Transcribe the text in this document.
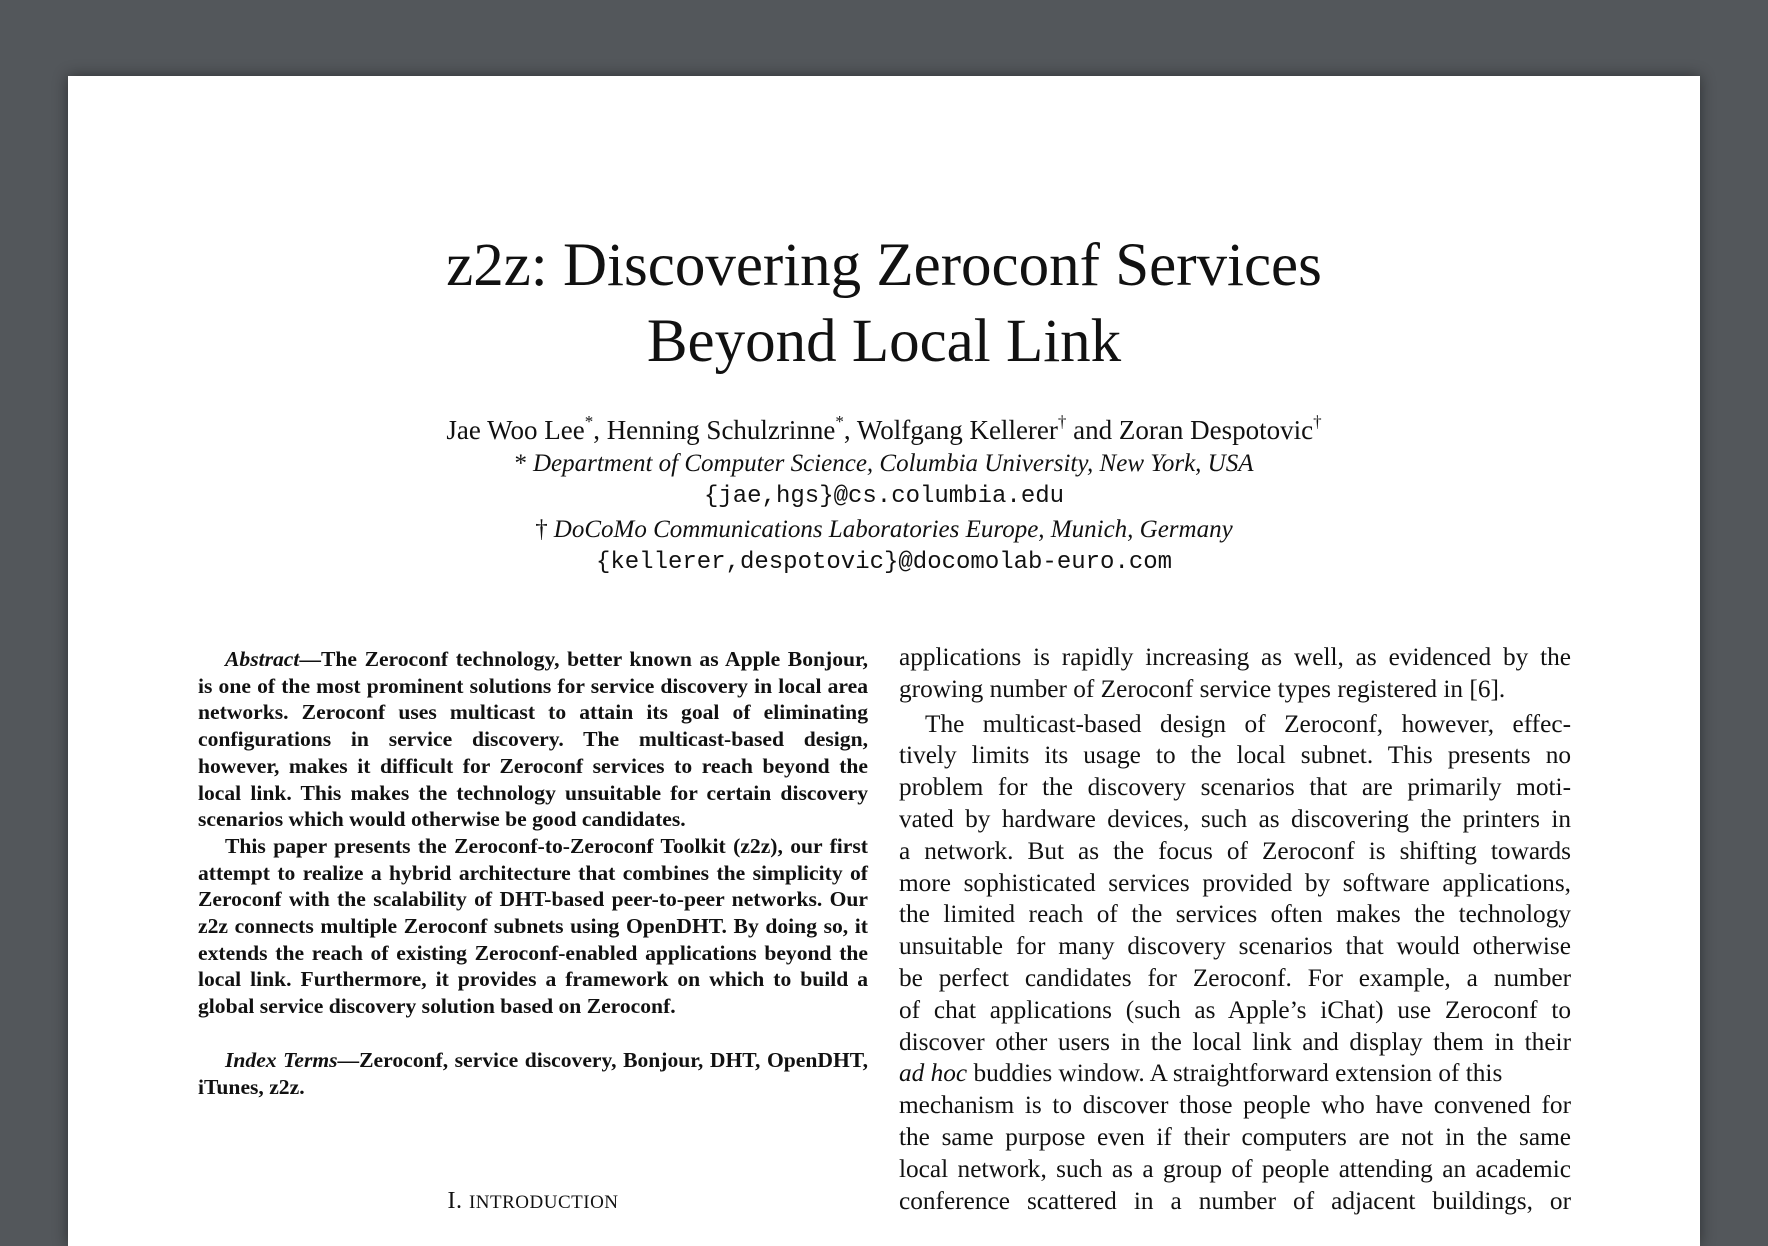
z2z: Discovering Zeroconf Services
Beyond Local Link
Jae Woo Lee*, Henning Schulzrinne*, Wolfgang Kellerer† and Zoran Despotovic†
* Department of Computer Science, Columbia University, New York, USA
{jae,hgs}@cs.columbia.edu
† DoCoMo Communications Laboratories Europe, Munich, Germany
{kellerer,despotovic}@docomolab-euro.com

Abstract—The Zeroconf technology, better known as Apple Bonjour, is one of the most prominent solutions for service discovery in local area networks. Zeroconf uses multicast to attain its goal of eliminating configurations in service discovery. The multicast-based design, however, makes it difficult for Zeroconf services to reach beyond the local link. This makes the technology unsuitable for certain discovery scenarios which would otherwise be good candidates.

This paper presents the Zeroconf-to-Zeroconf Toolkit (z2z), our first attempt to realize a hybrid architecture that combines the simplicity of Zeroconf with the scalability of DHT-based peer-to-peer networks. Our z2z connects multiple Zeroconf subnets using OpenDHT. By doing so, it extends the reach of existing Zeroconf-enabled applications beyond the local link. Furthermore, it provides a framework on which to build a global service discovery solution based on Zeroconf.

Index Terms—Zeroconf, service discovery, Bonjour, DHT, OpenDHT, iTunes, z2z.

I. INTRODUCTION
applications is rapidly increasing as well, as evidenced by the
growing number of Zeroconf service types registered in [6].
The multicast-based design of Zeroconf, however, effec-
tively limits its usage to the local subnet. This presents no
problem for the discovery scenarios that are primarily moti-
vated by hardware devices, such as discovering the printers in
a network. But as the focus of Zeroconf is shifting towards
more sophisticated services provided by software applications,
the limited reach of the services often makes the technology
unsuitable for many discovery scenarios that would otherwise
be perfect candidates for Zeroconf. For example, a number
of chat applications (such as Apple’s iChat) use Zeroconf to
discover other users in the local link and display them in their
ad hoc buddies window. A straightforward extension of this
mechanism is to discover those people who have convened for
the same purpose even if their computers are not in the same
local network, such as a group of people attending an academic
conference scattered in a number of adjacent buildings, or
